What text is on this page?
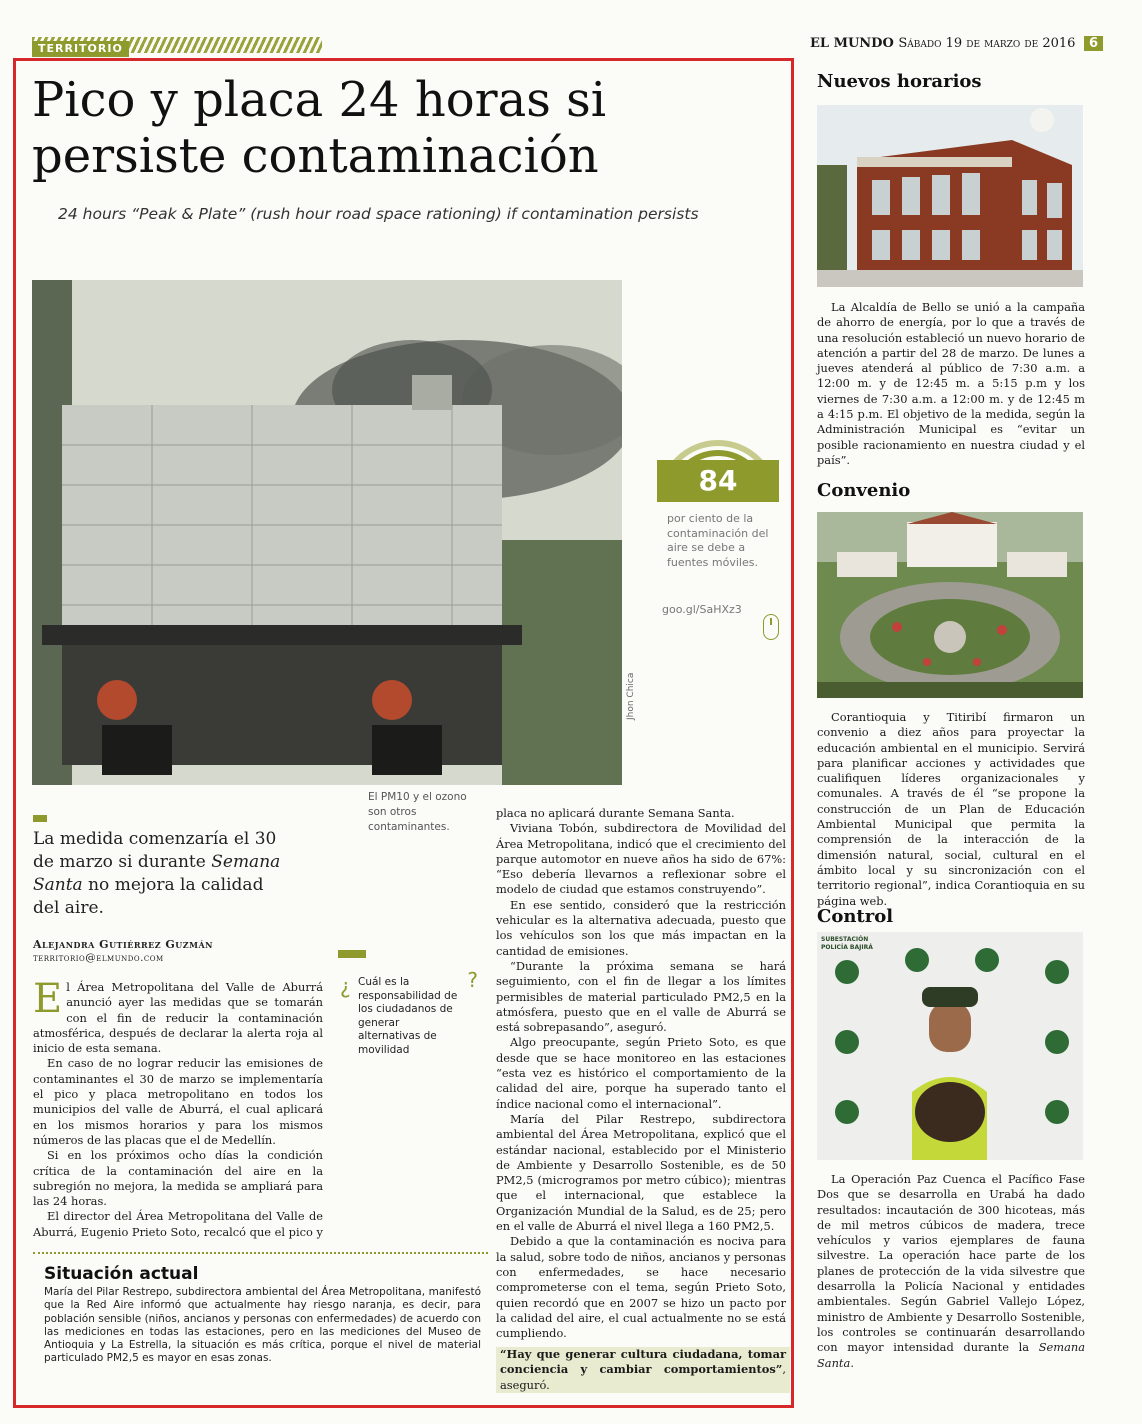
TERRITORIO	EL MUNDO Sábado 19 de marzo de 2016 6
Pico y placa 24 horas si persiste contaminación
24 hours “Peak & Plate” (rush hour road space rationing) if contamination persists
Jhon Chica
El PM10 y el ozono son otros contaminantes.
84
por ciento de la contaminación del aire se debe a fuentes móviles.
goo.gl/SaHXz3
La medida comenzaría el 30 de marzo si durante Semana Santa no mejora la calidad del aire.
Alejandra Gutiérrez Guzmán
territorio@elmundo.com

El Área Metropolitana del Valle de Aburrá anunció ayer las medidas que se tomarán con el fin de reducir la contaminación atmosférica, después de declarar la alerta roja al inicio de esta semana.

En caso de no lograr reducir las emisiones de contaminantes el 30 de marzo se implementaría el pico y placa metropolitano en todos los municipios del valle de Aburrá, el cual aplicará en los mismos horarios y para los mismos números de las placas que el de Medellín.

Si en los próximos ocho días la condición crítica de la contaminación del aire en la subregión no mejora, la medida se ampliará para las 24 horas.

El director del Área Metropolitana del Valle de Aburrá, Eugenio Prieto Soto, recalcó que el pico y

¿ Cuál es la responsabilidad de los ciudadanos de generar alternativas de movilidad
?
Situación actual
María del Pilar Restrepo, subdirectora ambiental del Área Metropolitana, manifestó que la Red Aire informó que actualmente hay riesgo naranja, es decir, para población sensible (niños, ancianos y personas con enfermedades) de acuerdo con las mediciones en todas las estaciones, pero en las mediciones del Museo de Antioquia y La Estrella, la situación es más crítica, porque el nivel de material particulado PM2,5 es mayor en esas zonas.

placa no aplicará durante Semana Santa.

Viviana Tobón, subdirectora de Movilidad del Área Metropolitana, indicó que el crecimiento del parque automotor en nueve años ha sido de 67%: “Eso debería llevarnos a reflexionar sobre el modelo de ciudad que estamos construyendo”.

En ese sentido, consideró que la restricción vehicular es la alternativa adecuada, puesto que los vehículos son los que más impactan en la cantidad de emisiones.

“Durante la próxima semana se hará seguimiento, con el fin de llegar a los límites permisibles de material particulado PM2,5 en la atmósfera, puesto que en el valle de Aburrá se está sobrepasando”, aseguró.

Algo preocupante, según Prieto Soto, es que desde que se hace monitoreo en las estaciones “esta vez es histórico el comportamiento de la calidad del aire, porque ha superado tanto el índice nacional como el internacional”.

María del Pilar Restrepo, subdirectora ambiental del Área Metropolitana, explicó que el estándar nacional, establecido por el Ministerio de Ambiente y Desarrollo Sostenible, es de 50 PM2,5 (microgramos por metro cúbico); mientras que el internacional, que establece la Organización Mundial de la Salud, es de 25; pero en el valle de Aburrá el nivel llega a 160 PM2,5.

Debido a que la contaminación es nociva para la salud, sobre todo de niños, ancianos y personas con enfermedades, se hace necesario comprometerse con el tema, según Prieto Soto, quien recordó que en 2007 se hizo un pacto por la calidad del aire, el cual actualmente no se está cumpliendo.

“Hay que generar cultura ciudadana, tomar conciencia y cambiar comportamientos”, aseguró.
Nuevos horarios

La Alcaldía de Bello se unió a la campaña de ahorro de energía, por lo que a través de una resolución estableció un nuevo horario de atención a partir del 28 de marzo. De lunes a jueves atenderá al público de 7:30 a.m. a 12:00 m. y de 12:45 m. a 5:15 p.m y los viernes de 7:30 a.m. a 12:00 m. y de 12:45 m a 4:15 p.m. El objetivo de la medida, según la Administración Municipal es “evitar un posible racionamiento en nuestra ciudad y el país”.

Convenio

Corantioquia y Titiribí firmaron un convenio a diez años para proyectar la educación ambiental en el municipio. Servirá para planificar acciones y actividades que cualifiquen líderes organizacionales y comunales. A través de él “se propone la construcción de un Plan de Educación Ambiental Municipal que permita la comprensión de la interacción de la dimensión natural, social, cultural en el ámbito local y su sincronización con el territorio regional”, indica Corantioquia en su página web.

Control
SUBESTACIÓN POLICÍA BAJIRÁ

La Operación Paz Cuenca el Pacífico Fase Dos que se desarrolla en Urabá ha dado resultados: incautación de 300 hicoteas, más de mil metros cúbicos de madera, trece vehículos y varios ejemplares de fauna silvestre. La operación hace parte de los planes de protección de la vida silvestre que desarrolla la Policía Nacional y entidades ambientales. Según Gabriel Vallejo López, ministro de Ambiente y Desarrollo Sostenible, los controles se continuarán desarrollando con mayor intensidad durante la Semana Santa.
